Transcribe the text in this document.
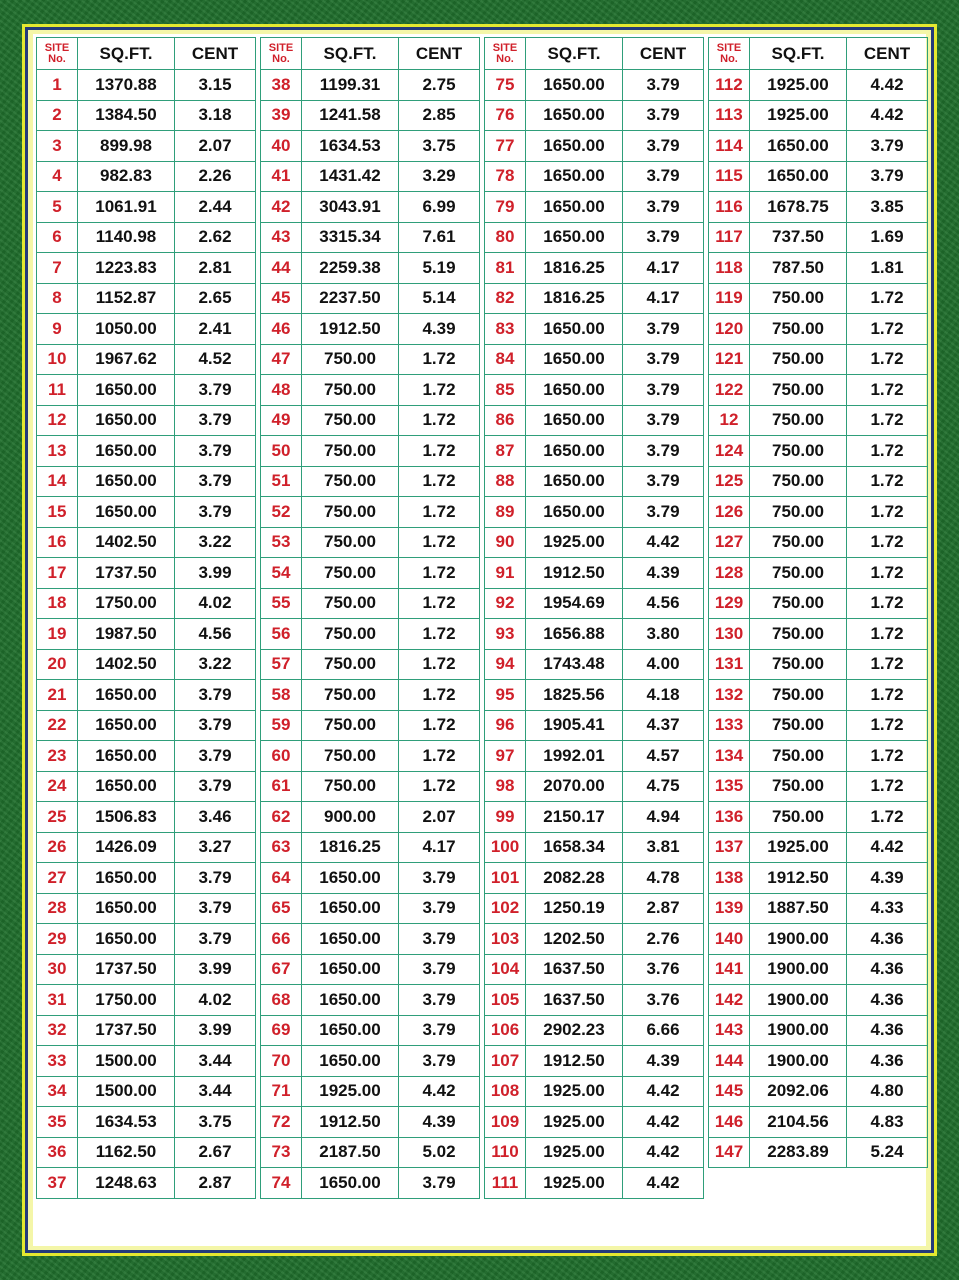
SITE
No.	SQ.FT.	CENT
1	1370.88	3.15
2	1384.50	3.18
3	899.98	2.07
4	982.83	2.26
5	1061.91	2.44
6	1140.98	2.62
7	1223.83	2.81
8	1152.87	2.65
9	1050.00	2.41
10	1967.62	4.52
11	1650.00	3.79
12	1650.00	3.79
13	1650.00	3.79
14	1650.00	3.79
15	1650.00	3.79
16	1402.50	3.22
17	1737.50	3.99
18	1750.00	4.02
19	1987.50	4.56
20	1402.50	3.22
21	1650.00	3.79
22	1650.00	3.79
23	1650.00	3.79
24	1650.00	3.79
25	1506.83	3.46
26	1426.09	3.27
27	1650.00	3.79
28	1650.00	3.79
29	1650.00	3.79
30	1737.50	3.99
31	1750.00	4.02
32	1737.50	3.99
33	1500.00	3.44
34	1500.00	3.44
35	1634.53	3.75
36	1162.50	2.67
37	1248.63	2.87
SITE
No.	SQ.FT.	CENT
38	1199.31	2.75
39	1241.58	2.85
40	1634.53	3.75
41	1431.42	3.29
42	3043.91	6.99
43	3315.34	7.61
44	2259.38	5.19
45	2237.50	5.14
46	1912.50	4.39
47	750.00	1.72
48	750.00	1.72
49	750.00	1.72
50	750.00	1.72
51	750.00	1.72
52	750.00	1.72
53	750.00	1.72
54	750.00	1.72
55	750.00	1.72
56	750.00	1.72
57	750.00	1.72
58	750.00	1.72
59	750.00	1.72
60	750.00	1.72
61	750.00	1.72
62	900.00	2.07
63	1816.25	4.17
64	1650.00	3.79
65	1650.00	3.79
66	1650.00	3.79
67	1650.00	3.79
68	1650.00	3.79
69	1650.00	3.79
70	1650.00	3.79
71	1925.00	4.42
72	1912.50	4.39
73	2187.50	5.02
74	1650.00	3.79
SITE
No.	SQ.FT.	CENT
75	1650.00	3.79
76	1650.00	3.79
77	1650.00	3.79
78	1650.00	3.79
79	1650.00	3.79
80	1650.00	3.79
81	1816.25	4.17
82	1816.25	4.17
83	1650.00	3.79
84	1650.00	3.79
85	1650.00	3.79
86	1650.00	3.79
87	1650.00	3.79
88	1650.00	3.79
89	1650.00	3.79
90	1925.00	4.42
91	1912.50	4.39
92	1954.69	4.56
93	1656.88	3.80
94	1743.48	4.00
95	1825.56	4.18
96	1905.41	4.37
97	1992.01	4.57
98	2070.00	4.75
99	2150.17	4.94
100	1658.34	3.81
101	2082.28	4.78
102	1250.19	2.87
103	1202.50	2.76
104	1637.50	3.76
105	1637.50	3.76
106	2902.23	6.66
107	1912.50	4.39
108	1925.00	4.42
109	1925.00	4.42
110	1925.00	4.42
111	1925.00	4.42
SITE
No.	SQ.FT.	CENT
112	1925.00	4.42
113	1925.00	4.42
114	1650.00	3.79
115	1650.00	3.79
116	1678.75	3.85
117	737.50	1.69
118	787.50	1.81
119	750.00	1.72
120	750.00	1.72
121	750.00	1.72
122	750.00	1.72
12	750.00	1.72
124	750.00	1.72
125	750.00	1.72
126	750.00	1.72
127	750.00	1.72
128	750.00	1.72
129	750.00	1.72
130	750.00	1.72
131	750.00	1.72
132	750.00	1.72
133	750.00	1.72
134	750.00	1.72
135	750.00	1.72
136	750.00	1.72
137	1925.00	4.42
138	1912.50	4.39
139	1887.50	4.33
140	1900.00	4.36
141	1900.00	4.36
142	1900.00	4.36
143	1900.00	4.36
144	1900.00	4.36
145	2092.06	4.80
146	2104.56	4.83
147	2283.89	5.24
